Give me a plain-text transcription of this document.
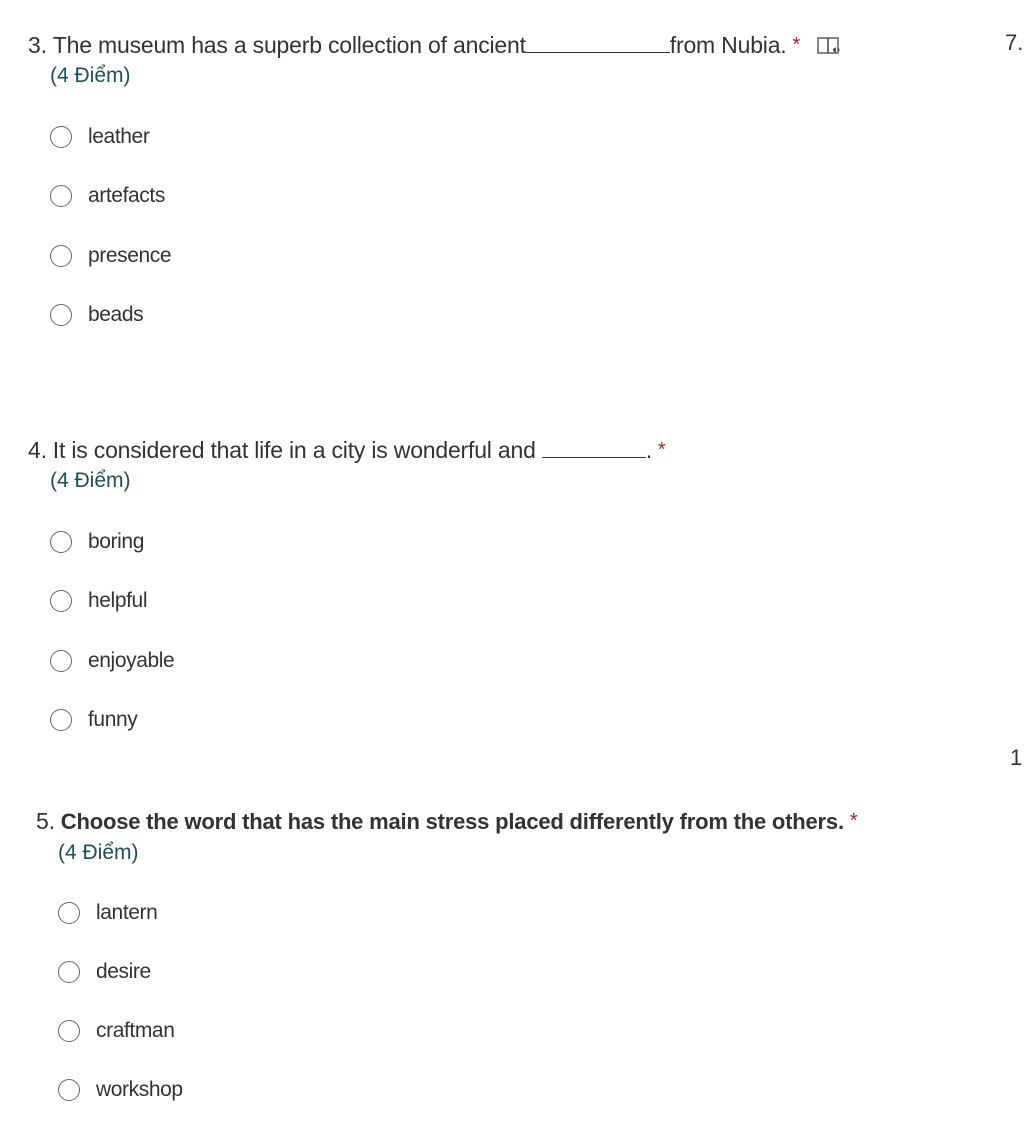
3. The museum has a superb collection of ancient	from Nubia. *
(4 Điểm)
leather
artefacts
presence
beads
4. It is considered that life in a city is wonderful and	. *
(4 Điểm)
boring
helpful
enjoyable
funny
5. Choose the word that has the main stress placed differently from the others. *
(4 Điểm)
lantern
desire
craftman
workshop
7.
1
